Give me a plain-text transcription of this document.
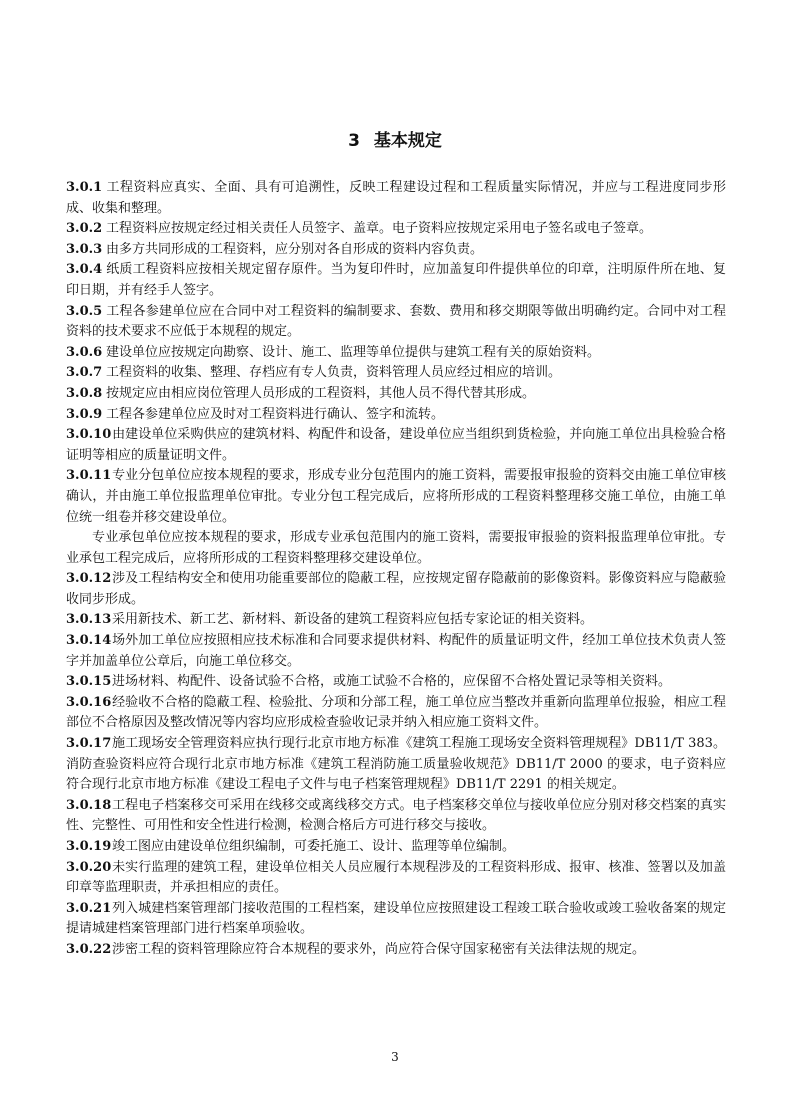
3 基本规定

3.0.1 工程资料应真实、全面、具有可追溯性，反映工程建设过程和工程质量实际情况，并应与工程进度同步形成、收集和整理。

3.0.2 工程资料应按规定经过相关责任人员签字、盖章。电子资料应按规定采用电子签名或电子签章。

3.0.3 由多方共同形成的工程资料，应分别对各自形成的资料内容负责。

3.0.4 纸质工程资料应按相关规定留存原件。当为复印件时，应加盖复印件提供单位的印章，注明原件所在地、复印日期，并有经手人签字。

3.0.5 工程各参建单位应在合同中对工程资料的编制要求、套数、费用和移交期限等做出明确约定。合同中对工程资料的技术要求不应低于本规程的规定。

3.0.6 建设单位应按规定向勘察、设计、施工、监理等单位提供与建筑工程有关的原始资料。

3.0.7 工程资料的收集、整理、存档应有专人负责，资料管理人员应经过相应的培训。

3.0.8 按规定应由相应岗位管理人员形成的工程资料，其他人员不得代替其形成。

3.0.9 工程各参建单位应及时对工程资料进行确认、签字和流转。

3.0.10由建设单位采购供应的建筑材料、构配件和设备，建设单位应当组织到货检验，并向施工单位出具检验合格证明等相应的质量证明文件。

3.0.11专业分包单位应按本规程的要求，形成专业分包范围内的施工资料，需要报审报验的资料交由施工单位审核确认，并由施工单位报监理单位审批。专业分包工程完成后，应将所形成的工程资料整理移交施工单位，由施工单位统一组卷并移交建设单位。

专业承包单位应按本规程的要求，形成专业承包范围内的施工资料，需要报审报验的资料报监理单位审批。专业承包工程完成后，应将所形成的工程资料整理移交建设单位。

3.0.12涉及工程结构安全和使用功能重要部位的隐蔽工程，应按规定留存隐蔽前的影像资料。影像资料应与隐蔽验收同步形成。

3.0.13采用新技术、新工艺、新材料、新设备的建筑工程资料应包括专家论证的相关资料。

3.0.14场外加工单位应按照相应技术标准和合同要求提供材料、构配件的质量证明文件，经加工单位技术负责人签字并加盖单位公章后，向施工单位移交。

3.0.15进场材料、构配件、设备试验不合格，或施工试验不合格的，应保留不合格处置记录等相关资料。

3.0.16经验收不合格的隐蔽工程、检验批、分项和分部工程，施工单位应当整改并重新向监理单位报验，相应工程部位不合格原因及整改情况等内容均应形成检查验收记录并纳入相应施工资料文件。

3.0.17施工现场安全管理资料应执行现行北京市地方标准《建筑工程施工现场安全资料管理规程》DB11/T 383。消防查验资料应符合现行北京市地方标准《建筑工程消防施工质量验收规范》DB11/T 2000 的要求，电子资料应符合现行北京市地方标准《建设工程电子文件与电子档案管理规程》DB11/T 2291 的相关规定。

3.0.18工程电子档案移交可采用在线移交或离线移交方式。电子档案移交单位与接收单位应分别对移交档案的真实性、完整性、可用性和安全性进行检测，检测合格后方可进行移交与接收。

3.0.19竣工图应由建设单位组织编制，可委托施工、设计、监理等单位编制。

3.0.20未实行监理的建筑工程，建设单位相关人员应履行本规程涉及的工程资料形成、报审、核准、签署以及加盖印章等监理职责，并承担相应的责任。

3.0.21列入城建档案管理部门接收范围的工程档案，建设单位应按照建设工程竣工联合验收或竣工验收备案的规定提请城建档案管理部门进行档案单项验收。

3.0.22涉密工程的资料管理除应符合本规程的要求外，尚应符合保守国家秘密有关法律法规的规定。

3
